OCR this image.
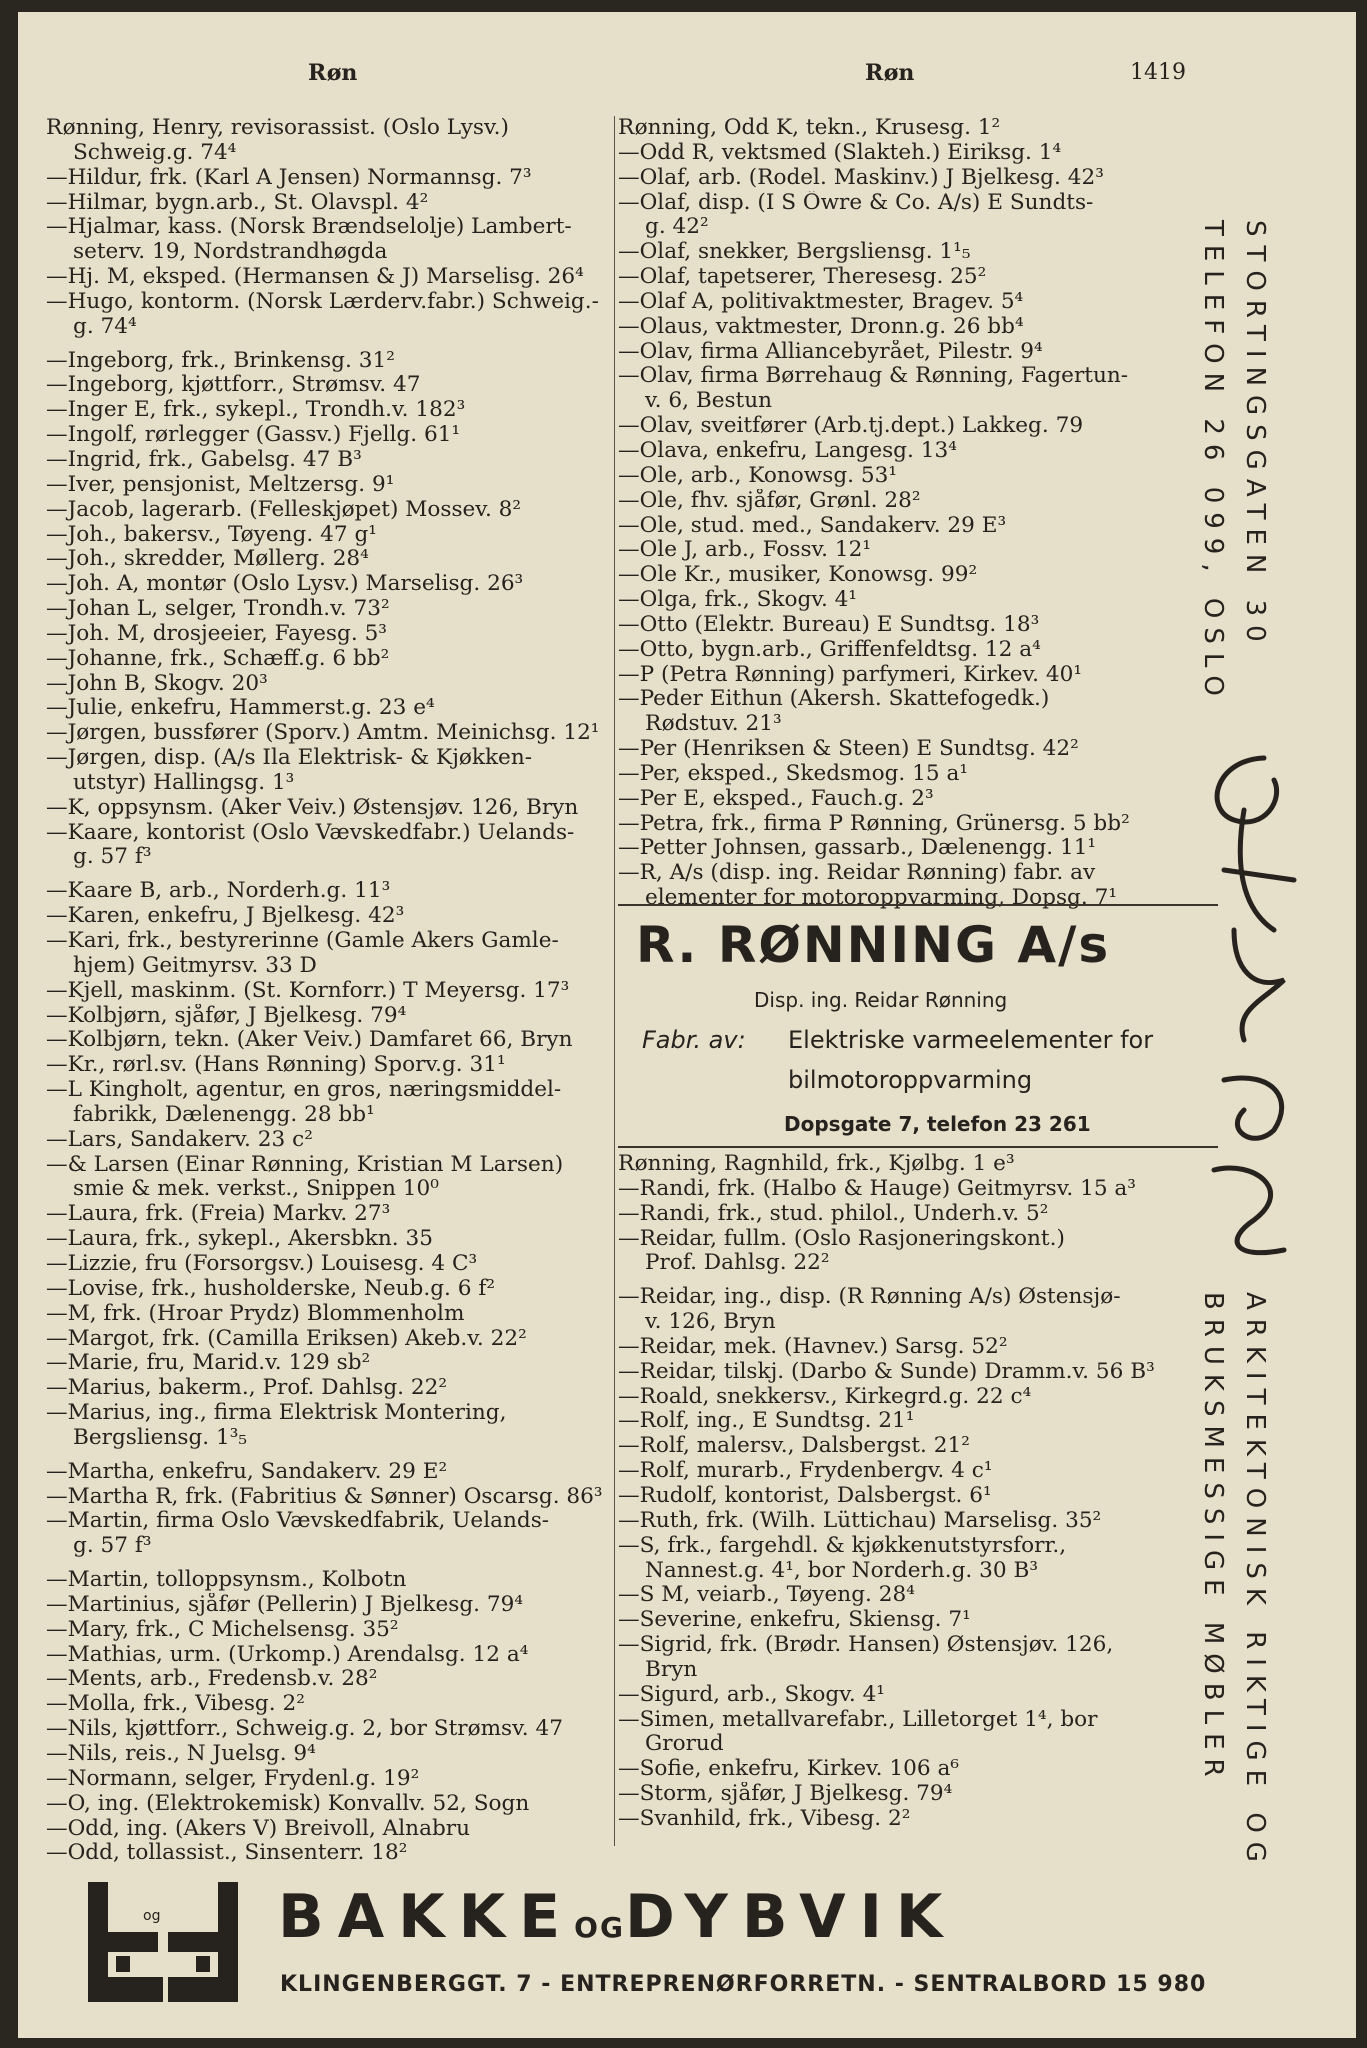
Røn	Røn	1419
Rønning, Henry, revisorassist. (Oslo Lysv.)
Schweig.g. 74⁴
—Hildur, frk. (Karl A Jensen) Normannsg. 7³
—Hilmar, bygn.arb., St. Olavspl. 4²
—Hjalmar, kass. (Norsk Brændselolje) Lambert-
seterv. 19, Nordstrandhøgda
—Hj. M, eksped. (Hermansen & J) Marselisg. 26⁴
—Hugo, kontorm. (Norsk Lærderv.fabr.) Schweig.-
g. 74⁴
—Ingeborg, frk., Brinkensg. 31²
—Ingeborg, kjøttforr., Strømsv. 47
—Inger E, frk., sykepl., Trondh.v. 182³
—Ingolf, rørlegger (Gassv.) Fjellg. 61¹
—Ingrid, frk., Gabelsg. 47 B³
—Iver, pensjonist, Meltzersg. 9¹
—Jacob, lagerarb. (Felleskjøpet) Mossev. 8²
—Joh., bakersv., Tøyeng. 47 g¹
—Joh., skredder, Møllerg. 28⁴
—Joh. A, montør (Oslo Lysv.) Marselisg. 26³
—Johan L, selger, Trondh.v. 73²
—Joh. M, drosjeeier, Fayesg. 5³
—Johanne, frk., Schæff.g. 6 bb²
—John B, Skogv. 20³
—Julie, enkefru, Hammerst.g. 23 e⁴
—Jørgen, bussfører (Sporv.) Amtm. Meinichsg. 12¹
—Jørgen, disp. (A/s Ila Elektrisk- & Kjøkken-
utstyr) Hallingsg. 1³
—K, oppsynsm. (Aker Veiv.) Østensjøv. 126, Bryn
—Kaare, kontorist (Oslo Vævskedfabr.) Uelands-
g. 57 f³
—Kaare B, arb., Norderh.g. 11³
—Karen, enkefru, J Bjelkesg. 42³
—Kari, frk., bestyrerinne (Gamle Akers Gamle-
hjem) Geitmyrsv. 33 D
—Kjell, maskinm. (St. Kornforr.) T Meyersg. 17³
—Kolbjørn, sjåfør, J Bjelkesg. 79⁴
—Kolbjørn, tekn. (Aker Veiv.) Damfaret 66, Bryn
—Kr., rørl.sv. (Hans Rønning) Sporv.g. 31¹
—L Kingholt, agentur, en gros, næringsmiddel-
fabrikk, Dælenengg. 28 bb¹
—Lars, Sandakerv. 23 c²
—& Larsen (Einar Rønning, Kristian M Larsen)
smie & mek. verkst., Snippen 10⁰
—Laura, frk. (Freia) Markv. 27³
—Laura, frk., sykepl., Akersbkn. 35
—Lizzie, fru (Forsorgsv.) Louisesg. 4 C³
—Lovise, frk., husholderske, Neub.g. 6 f²
—M, frk. (Hroar Prydz) Blommenholm
—Margot, frk. (Camilla Eriksen) Akeb.v. 22²
—Marie, fru, Marid.v. 129 sb²
—Marius, bakerm., Prof. Dahlsg. 22²
—Marius, ing., firma Elektrisk Montering,
Bergsliensg. 1³₅
—Martha, enkefru, Sandakerv. 29 E²
—Martha R, frk. (Fabritius & Sønner) Oscarsg. 86³
—Martin, firma Oslo Vævskedfabrik, Uelands-
g. 57 f³
—Martin, tolloppsynsm., Kolbotn
—Martinius, sjåfør (Pellerin) J Bjelkesg. 79⁴
—Mary, frk., C Michelsensg. 35²
—Mathias, urm. (Urkomp.) Arendalsg. 12 a⁴
—Ments, arb., Fredensb.v. 28²
—Molla, frk., Vibesg. 2²
—Nils, kjøttforr., Schweig.g. 2, bor Strømsv. 47
—Nils, reis., N Juelsg. 9⁴
—Normann, selger, Frydenl.g. 19²
—O, ing. (Elektrokemisk) Konvallv. 52, Sogn
—Odd, ing. (Akers V) Breivoll, Alnabru
—Odd, tollassist., Sinsenterr. 18²
Rønning, Odd K, tekn., Krusesg. 1²
—Odd R, vektsmed (Slakteh.) Eiriksg. 1⁴
—Olaf, arb. (Rodel. Maskinv.) J Bjelkesg. 42³
—Olaf, disp. (I S Öwre & Co. A/s) E Sundts-
g. 42²
—Olaf, snekker, Bergsliensg. 1¹₅
—Olaf, tapetserer, Theresesg. 25²
—Olaf A, politivaktmester, Bragev. 5⁴
—Olaus, vaktmester, Dronn.g. 26 bb⁴
—Olav, firma Alliancebyrået, Pilestr. 9⁴
—Olav, firma Børrehaug & Rønning, Fagertun-
v. 6, Bestun
—Olav, sveitfører (Arb.tj.dept.) Lakkeg. 79
—Olava, enkefru, Langesg. 13⁴
—Ole, arb., Konowsg. 53¹
—Ole, fhv. sjåfør, Grønl. 28²
—Ole, stud. med., Sandakerv. 29 E³
—Ole J, arb., Fossv. 12¹
—Ole Kr., musiker, Konowsg. 99²
—Olga, frk., Skogv. 4¹
—Otto (Elektr. Bureau) E Sundtsg. 18³
—Otto, bygn.arb., Griffenfeldtsg. 12 a⁴
—P (Petra Rønning) parfymeri, Kirkev. 40¹
—Peder Eithun (Akersh. Skattefogedk.)
Rødstuv. 21³
—Per (Henriksen & Steen) E Sundtsg. 42²
—Per, eksped., Skedsmog. 15 a¹
—Per E, eksped., Fauch.g. 2³
—Petra, frk., firma P Rønning, Grünersg. 5 bb²
—Petter Johnsen, gassarb., Dælenengg. 11¹
—R, A/s (disp. ing. Reidar Rønning) fabr. av
elementer for motoroppvarming, Dopsg. 7¹
R. RØNNING A/s
Disp. ing. Reidar Rønning
Fabr. av: Elektriske varmeelementer for
bilmotoroppvarming
Dopsgate 7, telefon 23 261
Rønning, Ragnhild, frk., Kjølbg. 1 e³
—Randi, frk. (Halbo & Hauge) Geitmyrsv. 15 a³
—Randi, frk., stud. philol., Underh.v. 5²
—Reidar, fullm. (Oslo Rasjoneringskont.)
Prof. Dahlsg. 22²
—Reidar, ing., disp. (R Rønning A/s) Østensjø-
v. 126, Bryn
—Reidar, mek. (Havnev.) Sarsg. 52²
—Reidar, tilskj. (Darbo & Sunde) Dramm.v. 56 B³
—Roald, snekkersv., Kirkegrd.g. 22 c⁴
—Rolf, ing., E Sundtsg. 21¹
—Rolf, malersv., Dalsbergst. 21²
—Rolf, murarb., Frydenbergv. 4 c¹
—Rudolf, kontorist, Dalsbergst. 6¹
—Ruth, frk. (Wilh. Lüttichau) Marselisg. 35²
—S, frk., fargehdl. & kjøkkenutstyrsforr.,
Nannest.g. 4¹, bor Norderh.g. 30 B³
—S M, veiarb., Tøyeng. 28⁴
—Severine, enkefru, Skiensg. 7¹
—Sigrid, frk. (Brødr. Hansen) Østensjøv. 126,
Bryn
—Sigurd, arb., Skogv. 4¹
—Simen, metallvarefabr., Lilletorget 1⁴, bor
Grorud
—Sofie, enkefru, Kirkev. 106 a⁶
—Storm, sjåfør, J Bjelkesg. 79⁴
—Svanhild, frk., Vibesg. 2²
STORTINGSGATEN 30
TELEFON 26 099, OSLO
ARKITEKTONISK RIKTIGE OG
BRUKSMESSIGE MØBLER
og BAKKEOGDYBVIK
KLINGENBERGGT. 7 - ENTREPRENØRFORRETN. - SENTRALBORD 15 980
